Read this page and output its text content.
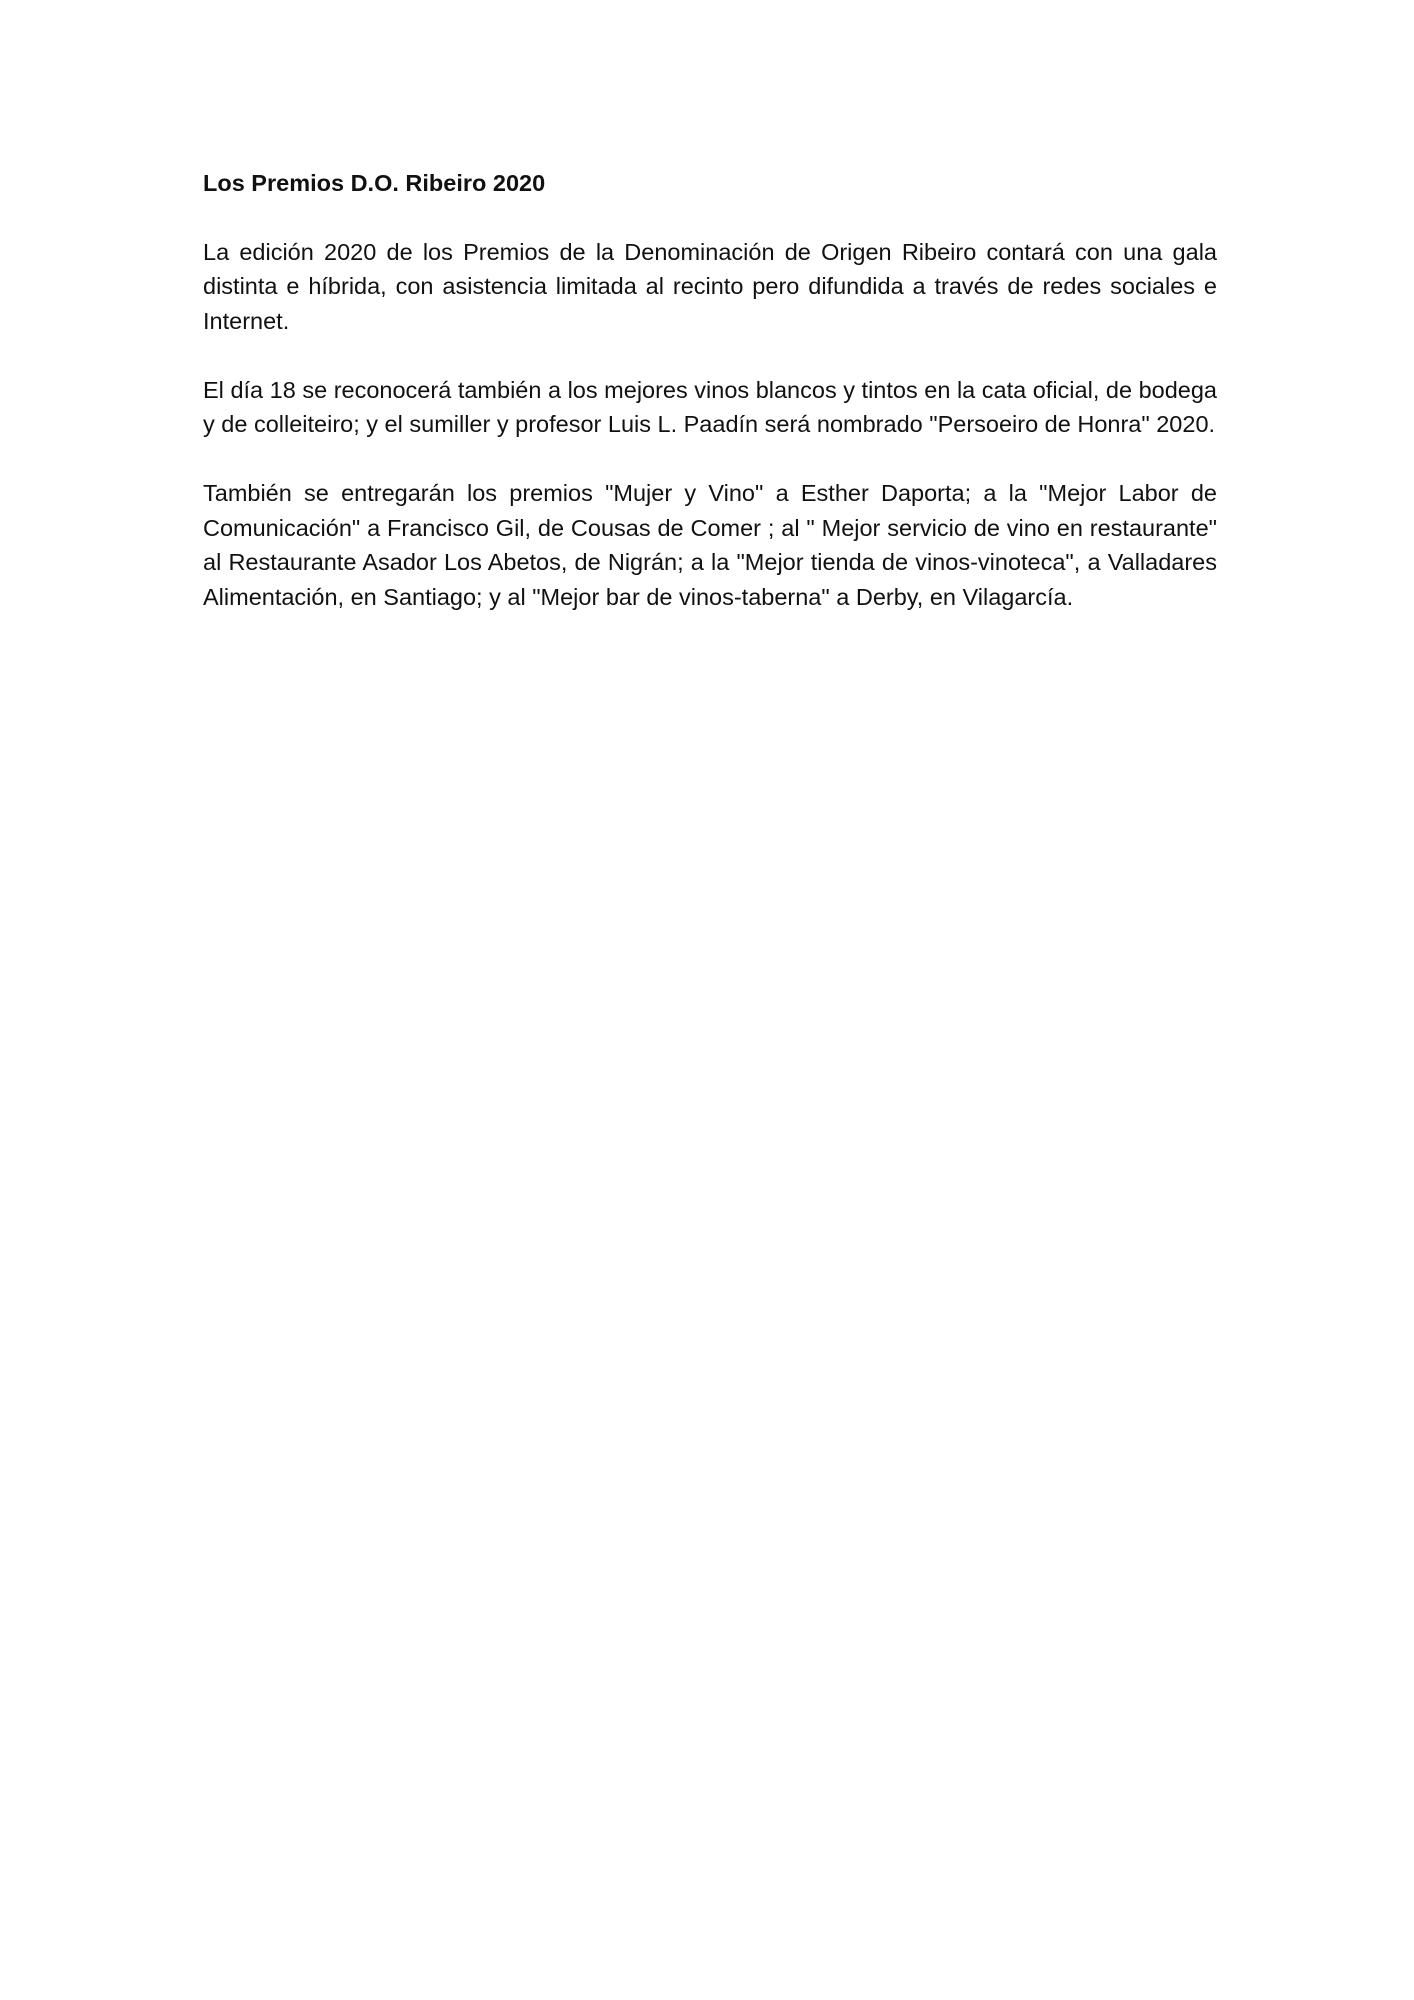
Los Premios D.O. Ribeiro 2020

La edición 2020 de los Premios de la Denominación de Origen Ribeiro contará con una gala distinta e híbrida, con asistencia limitada al recinto pero difundida a través de redes sociales e Internet.

El día 18 se reconocerá también a los mejores vinos blancos y tintos en la cata oficial, de bodega y de colleiteiro; y el sumiller y profesor Luis L. Paadín será nombrado "Persoeiro de Honra" 2020.

También se entregarán los premios "Mujer y Vino" a Esther Daporta; a la "Mejor Labor de Comunicación" a Francisco Gil, de Cousas de Comer ; al " Mejor servicio de vino en restaurante" al Restaurante Asador Los Abetos, de Nigrán; a la "Mejor tienda de vinos-vinoteca", a Valladares Alimentación, en Santiago; y al "Mejor bar de vinos-taberna" a Derby, en Vilagarcía.
